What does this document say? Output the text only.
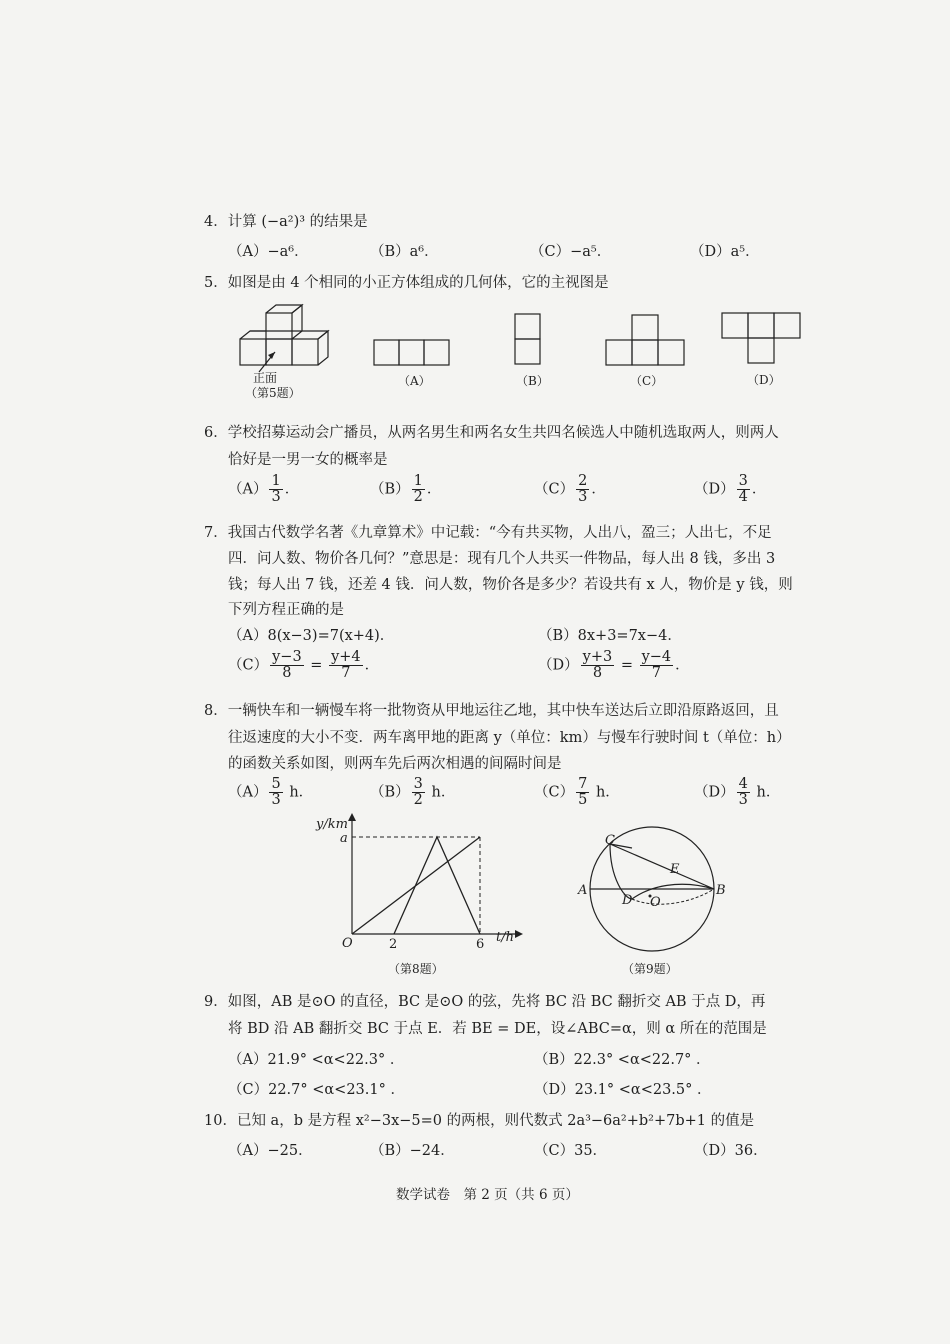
4．计算 (−a²)³ 的结果是
（A）−a⁶．	（B）a⁶．	（C）−a⁵．	（D）a⁵．
5．如图是由 4 个相同的小正方体组成的几何体，它的主视图是
正面
（第5题）
（A）	（B）	（C）	（D）
6．学校招募运动会广播员，从两名男生和两名女生共四名候选人中随机选取两人，则两人
恰好是一男一女的概率是
$(A) \frac{1}{3}$ ．	$(B) \frac{1}{2}$ ．	$(C) \frac{2}{3}$ ．	$(D) \frac{3}{4}$ ．
7．我国古代数学名著《九章算术》中记载：“今有共买物，人出八，盈三；人出七，不足
四．问人数、物价各几何？”意思是：现有几个人共买一件物品，每人出 8 钱，多出 3
钱；每人出 7 钱，还差 4 钱．问人数，物价各是多少？若设共有 x 人，物价是 y 钱，则
下列方程正确的是
（A）8(x−3)=7(x+4)．	（B）8x+3=7x−4．
$(C) \frac{y-3}{8} = \frac{y+4}{7}$ ．	$(D) \frac{y+3}{8} = \frac{y-4}{7}$ ．
8．一辆快车和一辆慢车将一批物资从甲地运往乙地，其中快车送达后立即沿原路返回，且
往返速度的大小不变．两车离甲地的距离 y（单位：km）与慢车行驶时间 t（单位：h）
的函数关系如图，则两车先后两次相遇的间隔时间是
$(A) \frac{5}{3}$ h．	$(B) \frac{3}{2}$ h．	$(C) \frac{7}{5}$ h．	$(D) \frac{4}{3}$ h．
y/km
t/h
O
a
2	6
（第8题）
C
A	B
D
E
O
（第9题）
9．如图，AB 是⊙O 的直径，BC 是⊙O 的弦，先将 BC 沿 BC 翻折交 AB 于点 D，再
将 BD 沿 AB 翻折交 BC 于点 E．若 BE = DE，设∠ABC=α，则 α 所在的范围是
（A）21.9° <α<22.3° ．	（B）22.3° <α<22.7° ．
（C）22.7° <α<23.1° ．	（D）23.1° <α<23.5° ．
10．已知 a，b 是方程 x²−3x−5=0 的两根，则代数式 2a³−6a²+b²+7b+1 的值是
（A）−25．	（B）−24．	（C）35．	（D）36．
数学试卷　第 2 页（共 6 页）
